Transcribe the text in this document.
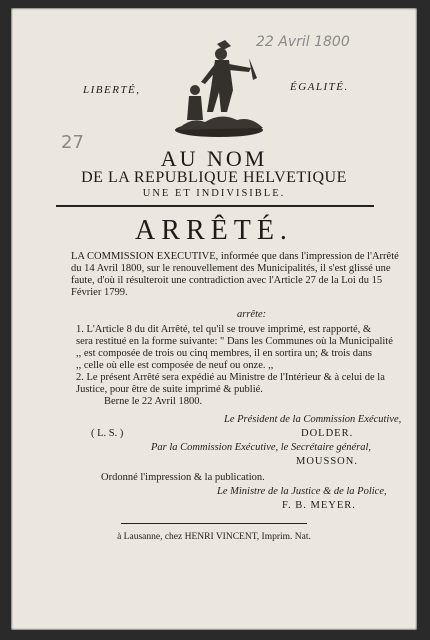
22 Avril 1800
27
LIBERTÉ,	ÉGALITÉ.
AU NOM
DE LA REPUBLIQUE HELVETIQUE
UNE ET INDIVISIBLE.
ARRÊTÉ.
LA COMMISSION EXECUTIVE, informée que dans l'impression de l'Arrêté
du 14 Avril 1800, sur le renouvellement des Municipalités, il s'est glissé une
faute, d'où il résulteroit une contradiction avec l'Article 27 de la Loi du 15
Février 1799.
arrête:
1. L'Article 8 du dit Arrêté, tel qu'il se trouve imprimé, est rapporté, &
sera restitué en la forme suivante: " Dans les Communes où la Municipalité
,, est composée de trois ou cinq membres, il en sortira un; & trois dans
,, celle où elle est composée de neuf ou onze. ,,
2. Le présent Arrêté sera expédié au Ministre de l'Intérieur & à celui de la
Justice, pour être de suite imprimé & publié.
Berne le 22 Avril 1800.
Le Président de la Commission Exécutive,
DOLDER.
( L. S. )
Par la Commission Exécutive, le Secrétaire général,
MOUSSON.
Ordonné l'impression & la publication.
Le Ministre de la Justice & de la Police,
F. B. MEYER.
à Lausanne, chez HENRI VINCENT, Imprim. Nat.
